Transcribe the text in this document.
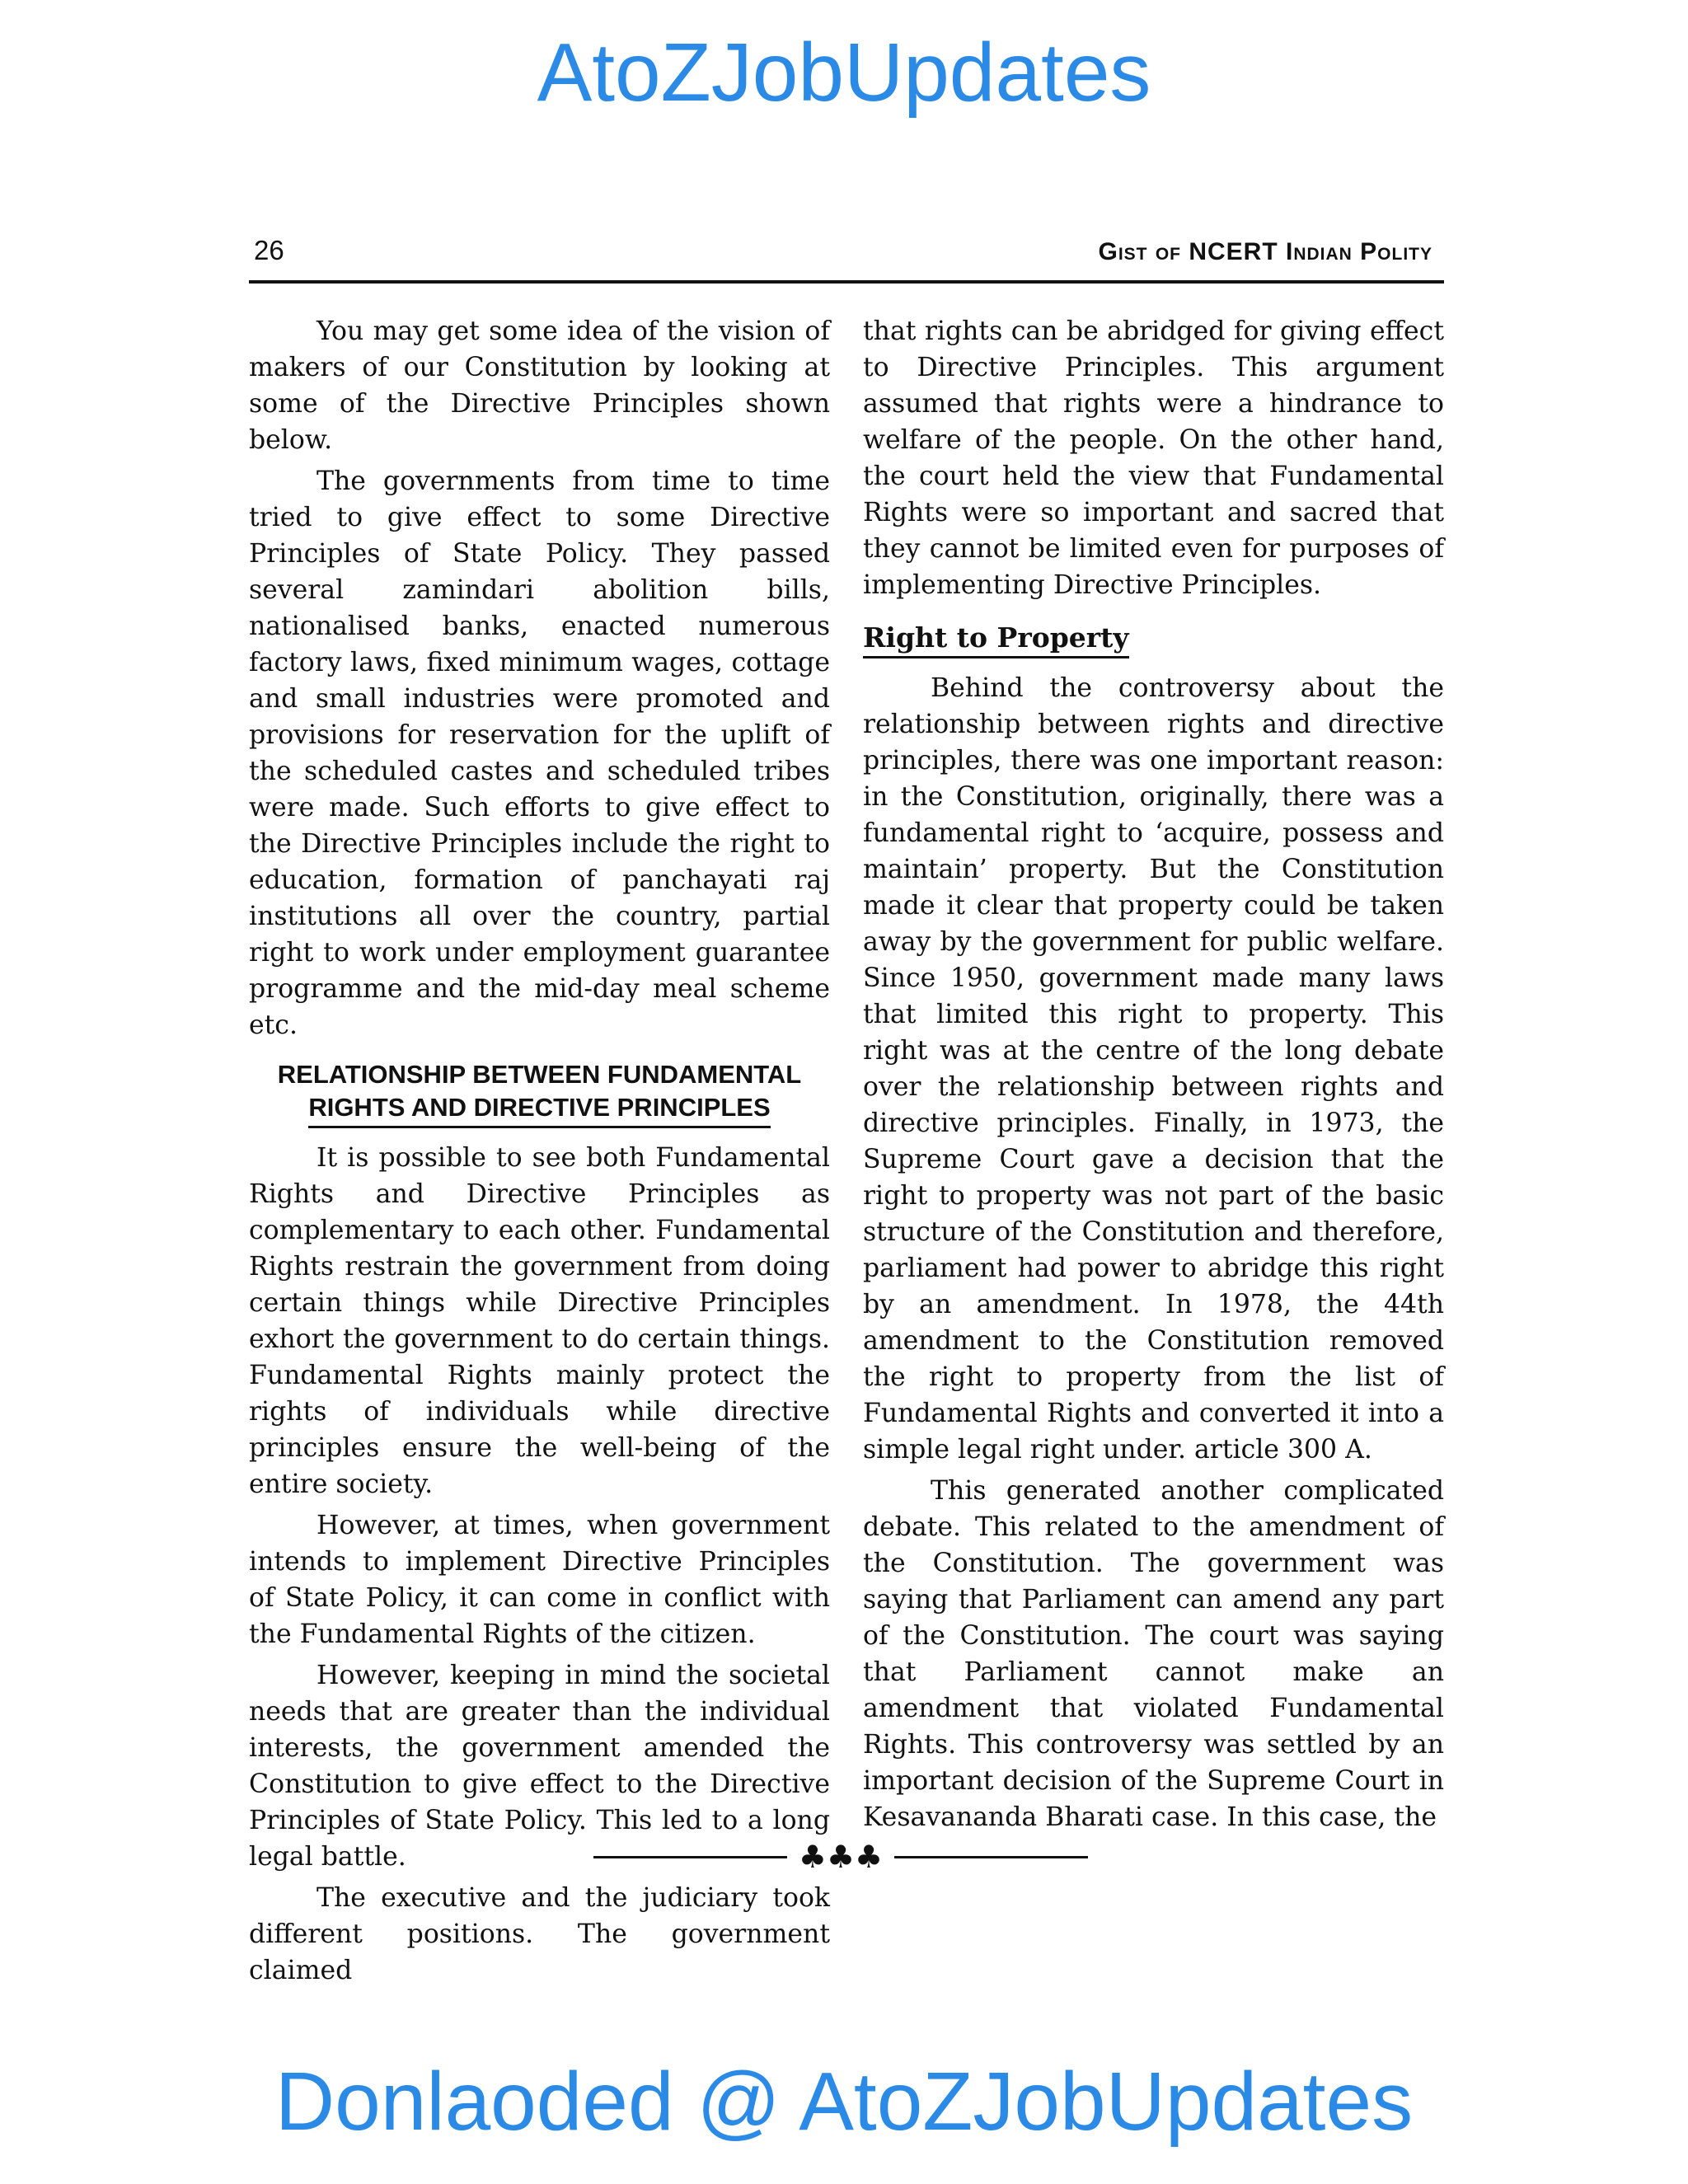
AtoZJobUpdates
26	Gist of NCERT Indian Polity

You may get some idea of the vision of makers of our Constitution by looking at some of the Directive Principles shown below.

The governments from time to time tried to give effect to some Directive Principles of State Policy. They passed several zamindari abolition bills, nationalised banks, enacted numerous factory laws, fixed minimum wages, cottage and small industries were promoted and provisions for reservation for the uplift of the scheduled castes and scheduled tribes were made. Such efforts to give effect to the Directive Principles include the right to education, formation of panchayati raj institutions all over the country, partial right to work under employment guarantee programme and the mid-day meal scheme etc.

RELATIONSHIP BETWEEN FUNDAMENTAL
RIGHTS AND DIRECTIVE PRINCIPLES

It is possible to see both Fundamental Rights and Directive Principles as complementary to each other. Fundamental Rights restrain the government from doing certain things while Directive Principles exhort the government to do certain things. Fundamental Rights mainly protect the rights of individuals while directive principles ensure the well-being of the entire society.

However, at times, when government intends to implement Directive Principles of State Policy, it can come in conflict with the Fundamental Rights of the citizen.

However, keeping in mind the societal needs that are greater than the individual interests, the government amended the Constitution to give effect to the Directive Principles of State Policy. This led to a long legal battle.

The executive and the judiciary took different positions. The government claimed

that rights can be abridged for giving effect to Directive Principles. This argument assumed that rights were a hindrance to welfare of the people. On the other hand, the court held the view that Fundamental Rights were so important and sacred that they cannot be limited even for purposes of implementing Directive Principles.

Right to Property

Behind the controversy about the relationship between rights and directive principles, there was one important reason: in the Constitution, originally, there was a fundamental right to ‘acquire, possess and maintain’ property. But the Constitution made it clear that property could be taken away by the government for public welfare. Since 1950, government made many laws that limited this right to property. This right was at the centre of the long debate over the relationship between rights and directive principles. Finally, in 1973, the Supreme Court gave a decision that the right to property was not part of the basic structure of the Constitution and therefore, parliament had power to abridge this right by an amendment. In 1978, the 44th amendment to the Constitution removed the right to property from the list of Fundamental Rights and converted it into a simple legal right under. article 300 A.

This generated another complicated debate. This related to the amendment of the Constitution. The government was saying that Parliament can amend any part of the Constitution. The court was saying that Parliament cannot make an amendment that violated Fundamental Rights. This controversy was settled by an important decision of the Supreme Court in Kesavananda Bharati case. In this case, the

♣♣♣
Donlaoded @ AtoZJobUpdates
